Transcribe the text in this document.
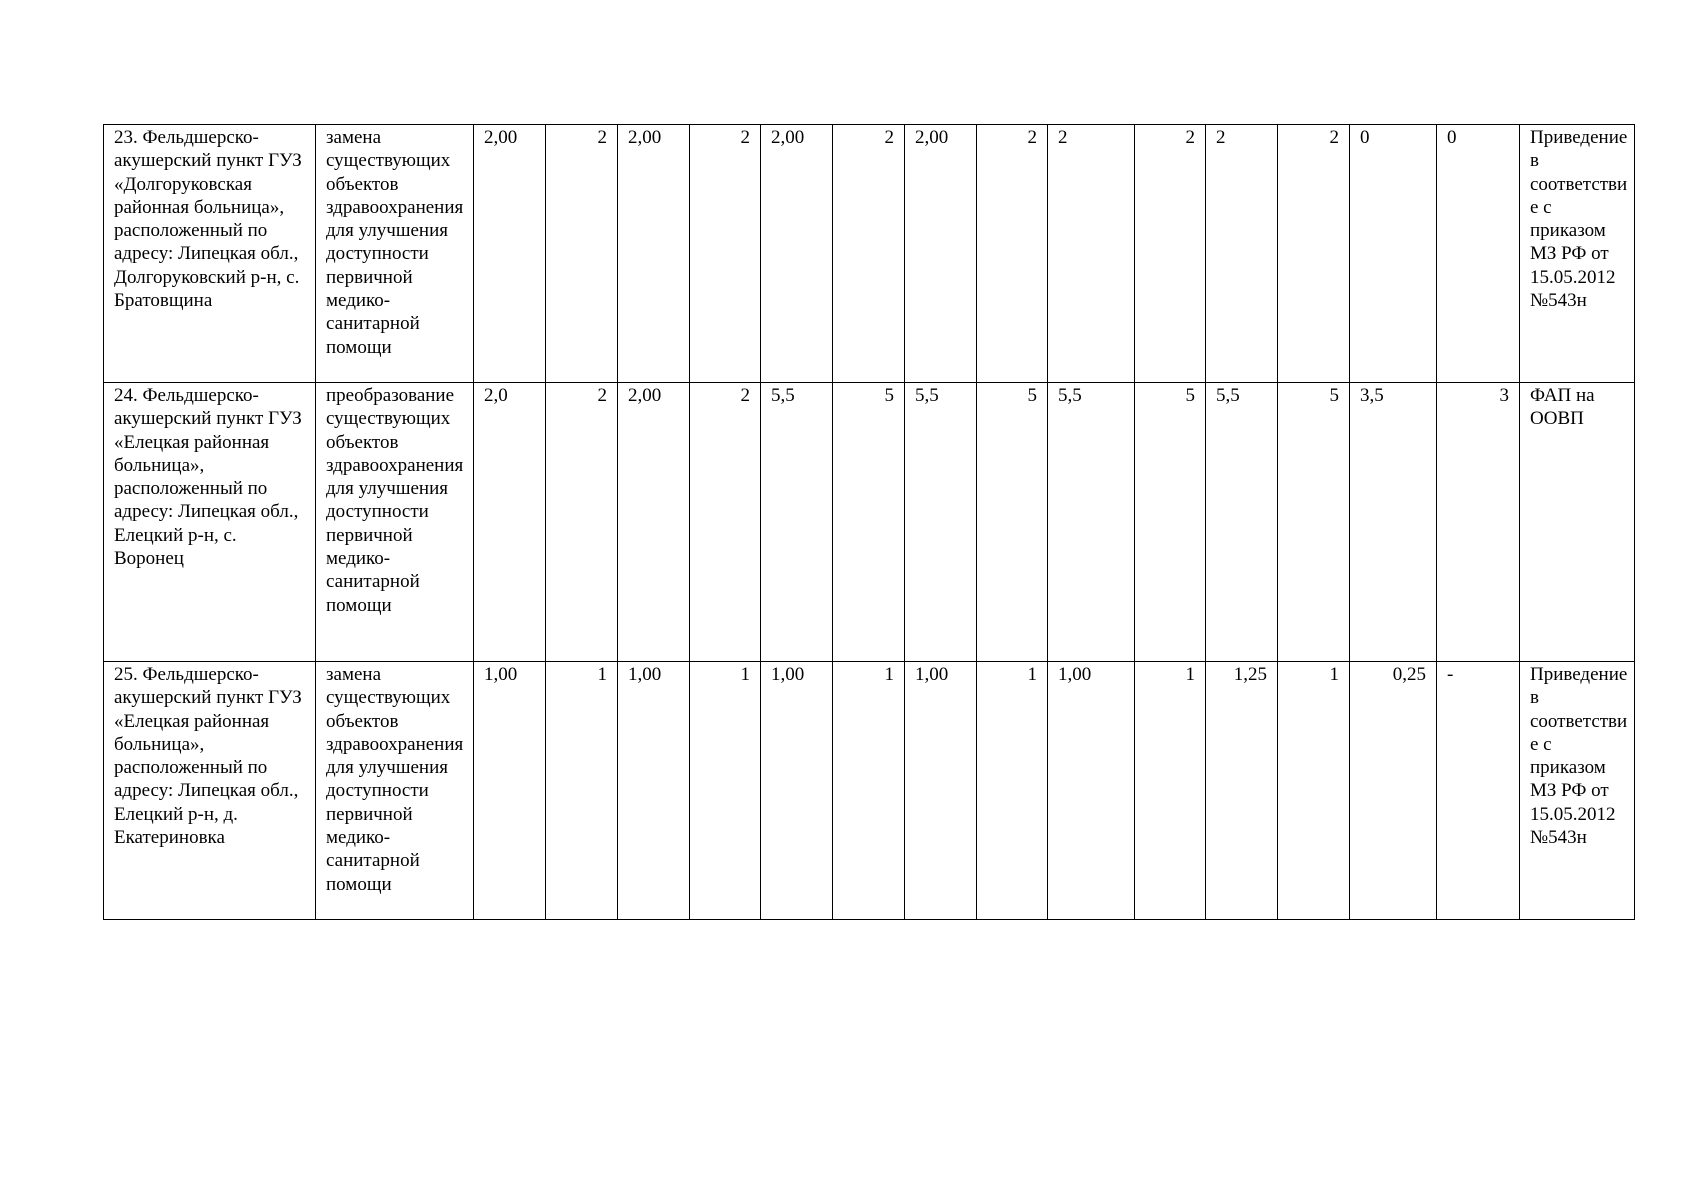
23. Фельдшерско-акушерский пункт ГУЗ «Долгоруковская районная больница», расположенный по адресу: Липецкая обл., Долгоруковский р-н, с. Братовщина	замена существующих объектов здравоохранения для улучшения доступности первичной медико-санитарной помощи	2,00	2	2,00	2	2,00	2	2,00	2	2	2	2	2	0	0	Приведение в соответствие с приказом МЗ РФ от 15.05.2012 №543н
24. Фельдшерско-акушерский пункт ГУЗ «Елецкая районная больница», расположенный по адресу: Липецкая обл., Елецкий р-н, с. Воронец	преобразование существующих объектов здравоохранения для улучшения доступности первичной медико-санитарной помощи	2,0	2	2,00	2	5,5	5	5,5	5	5,5	5	5,5	5	3,5	3	ФАП на ООВП
25. Фельдшерско-акушерский пункт ГУЗ «Елецкая районная больница», расположенный по адресу: Липецкая обл., Елецкий р-н, д. Екатериновка	замена существующих объектов здравоохранения для улучшения доступности первичной медико-санитарной помощи	1,00	1	1,00	1	1,00	1	1,00	1	1,00	1	1,25	1	0,25	-	Приведение в соответствие с приказом МЗ РФ от 15.05.2012 №543н
